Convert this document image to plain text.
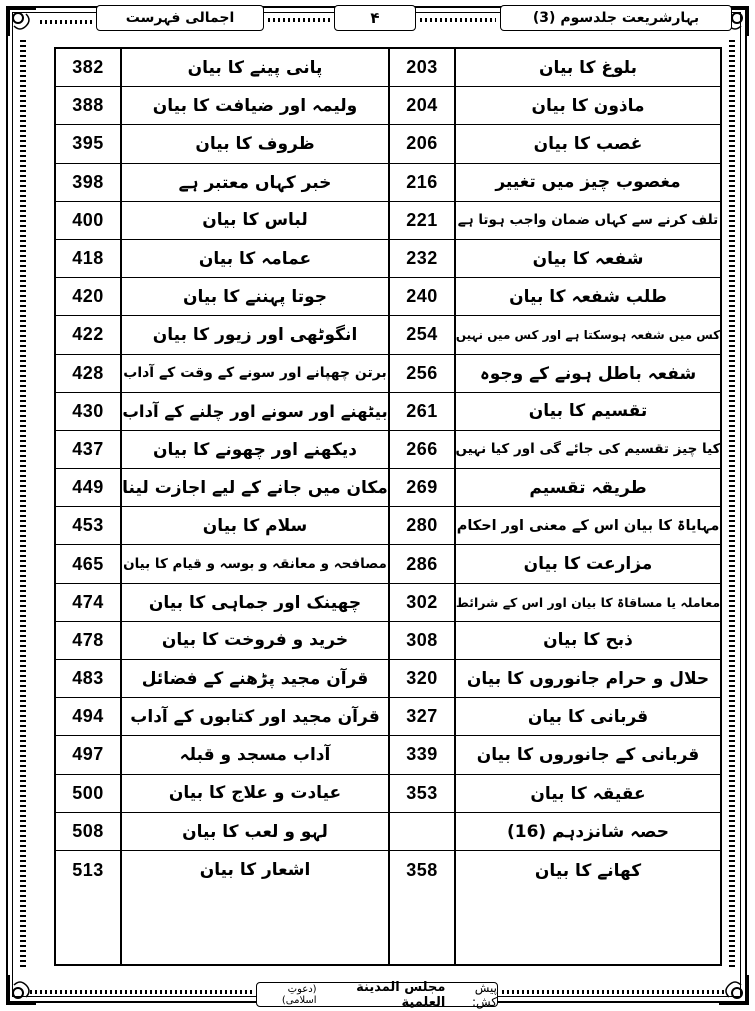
بہارشریعت جلدسوم (3)
۴
اجمالی فہرست
382
388
395
398
400
418
420
422
428
430
437
449
453
465
474
478
483
494
497
500
508
513
پانی پینے کا بیان
ولیمہ اور ضیافت کا بیان
ظروف کا بیان
خبر کہاں معتبر ہے
لباس کا بیان
عمامہ کا بیان
جوتا پہننے کا بیان
انگوٹھی اور زیور کا بیان
برتن چھپانے اور سونے کے وقت کے آداب
بیٹھنے اور سونے اور چلنے کے آداب
دیکھنے اور چھونے کا بیان
مکان میں جانے کے لیے اجازت لینا
سلام کا بیان
مصافحہ و معانقہ و بوسہ و قیام کا بیان
چھینک اور جماہی کا بیان
خرید و فروخت کا بیان
قرآن مجید پڑھنے کے فضائل
قرآن مجید اور کتابوں کے آداب
آداب مسجد و قبلہ
عیادت و علاج کا بیان
لہو و لعب کا بیان
اشعار کا بیان
203
204
206
216
221
232
240
254
256
261
266
269
280
286
302
308
320
327
339
353
358
بلوغ کا بیان
ماذون کا بیان
غصب کا بیان
مغصوب چیز میں تغییر
تلف کرنے سے کہاں ضمان واجب ہوتا ہے
شفعہ کا بیان
طلب شفعہ کا بیان
کس میں شفعہ ہوسکتا ہے اور کس میں نہیں
شفعہ باطل ہونے کے وجوہ
تقسیم کا بیان
کیا چیز تقسیم کی جائے گی اور کیا نہیں
طریقہ تقسیم
مہایاۃ کا بیان اس کے معنی اور احکام
مزارعت کا بیان
معاملہ یا مساقاۃ کا بیان اور اس کے شرائط
ذبح کا بیان
حلال و حرام جانوروں کا بیان
قربانی کا بیان
قربانی کے جانوروں کا بیان
عقیقہ کا بیان
حصہ شانزدہم (16)
کھانے کا بیان
پیش کش:
مجلس المدینة العلمیة
(دعوتِ اسلامی)
